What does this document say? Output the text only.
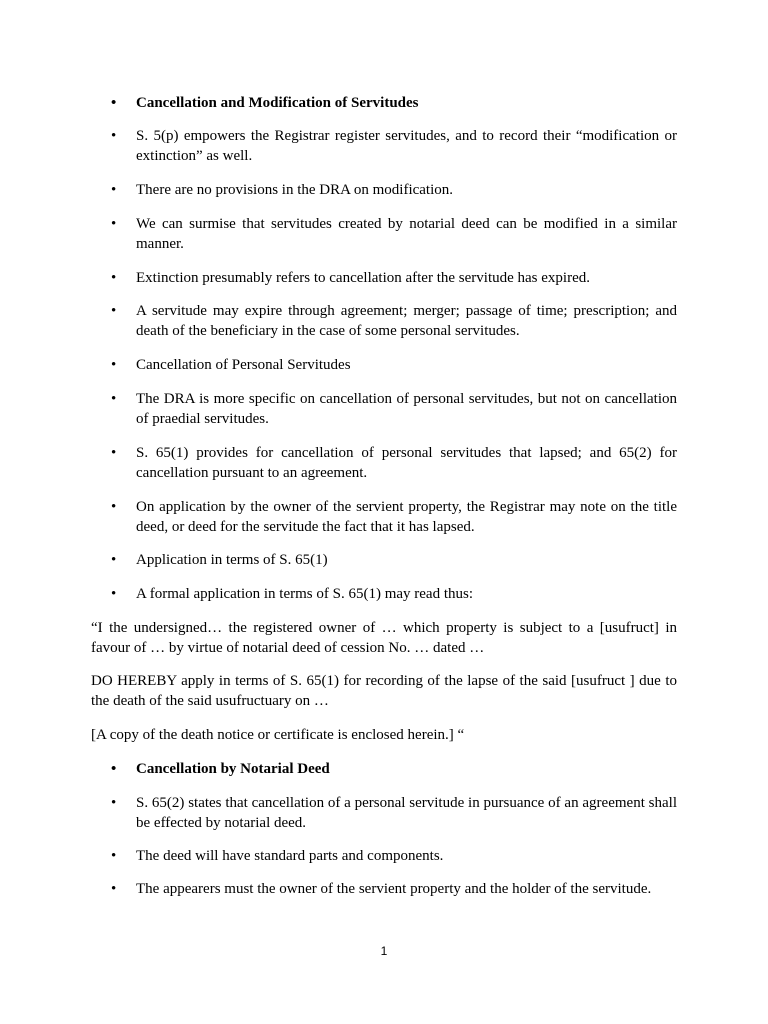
•	Cancellation and Modification of Servitudes

•	S. 5(p) empowers the Registrar register servitudes, and to record their “modification or extinction” as well.

•	There are no provisions in the DRA on modification.

•	We can surmise that servitudes created by notarial deed can be modified in a similar manner.

•	Extinction presumably refers to cancellation after the servitude has expired.

•	A servitude may expire through agreement; merger; passage of time; prescription; and death of the beneficiary in the case of some personal servitudes.

•	Cancellation of Personal Servitudes

•	The DRA is more specific on cancellation of personal servitudes, but not on cancellation of praedial servitudes.

•	S. 65(1) provides for cancellation of personal servitudes that lapsed; and 65(2) for cancellation pursuant to an agreement.

•	On application by the owner of the servient property, the Registrar may note on the title deed, or deed for the servitude the fact that it has lapsed.

•	Application in terms of S. 65(1)

•	A formal application in terms of S. 65(1) may read thus:

“I the undersigned… the registered owner of … which property is subject to a [usufruct] in favour of … by virtue of notarial deed of cession No. … dated …

DO HEREBY apply in terms of S. 65(1) for recording of the lapse of the said [usufruct ] due to the death of the said usufructuary on …

[A copy of the death notice or certificate is enclosed herein.] “

•	Cancellation by Notarial Deed

•	S. 65(2) states that cancellation of a personal servitude in pursuance of an agreement shall be effected by notarial deed.

•	The deed will have standard parts and components.

•	The appearers must the owner of the servient property and the holder of the servitude.

1
